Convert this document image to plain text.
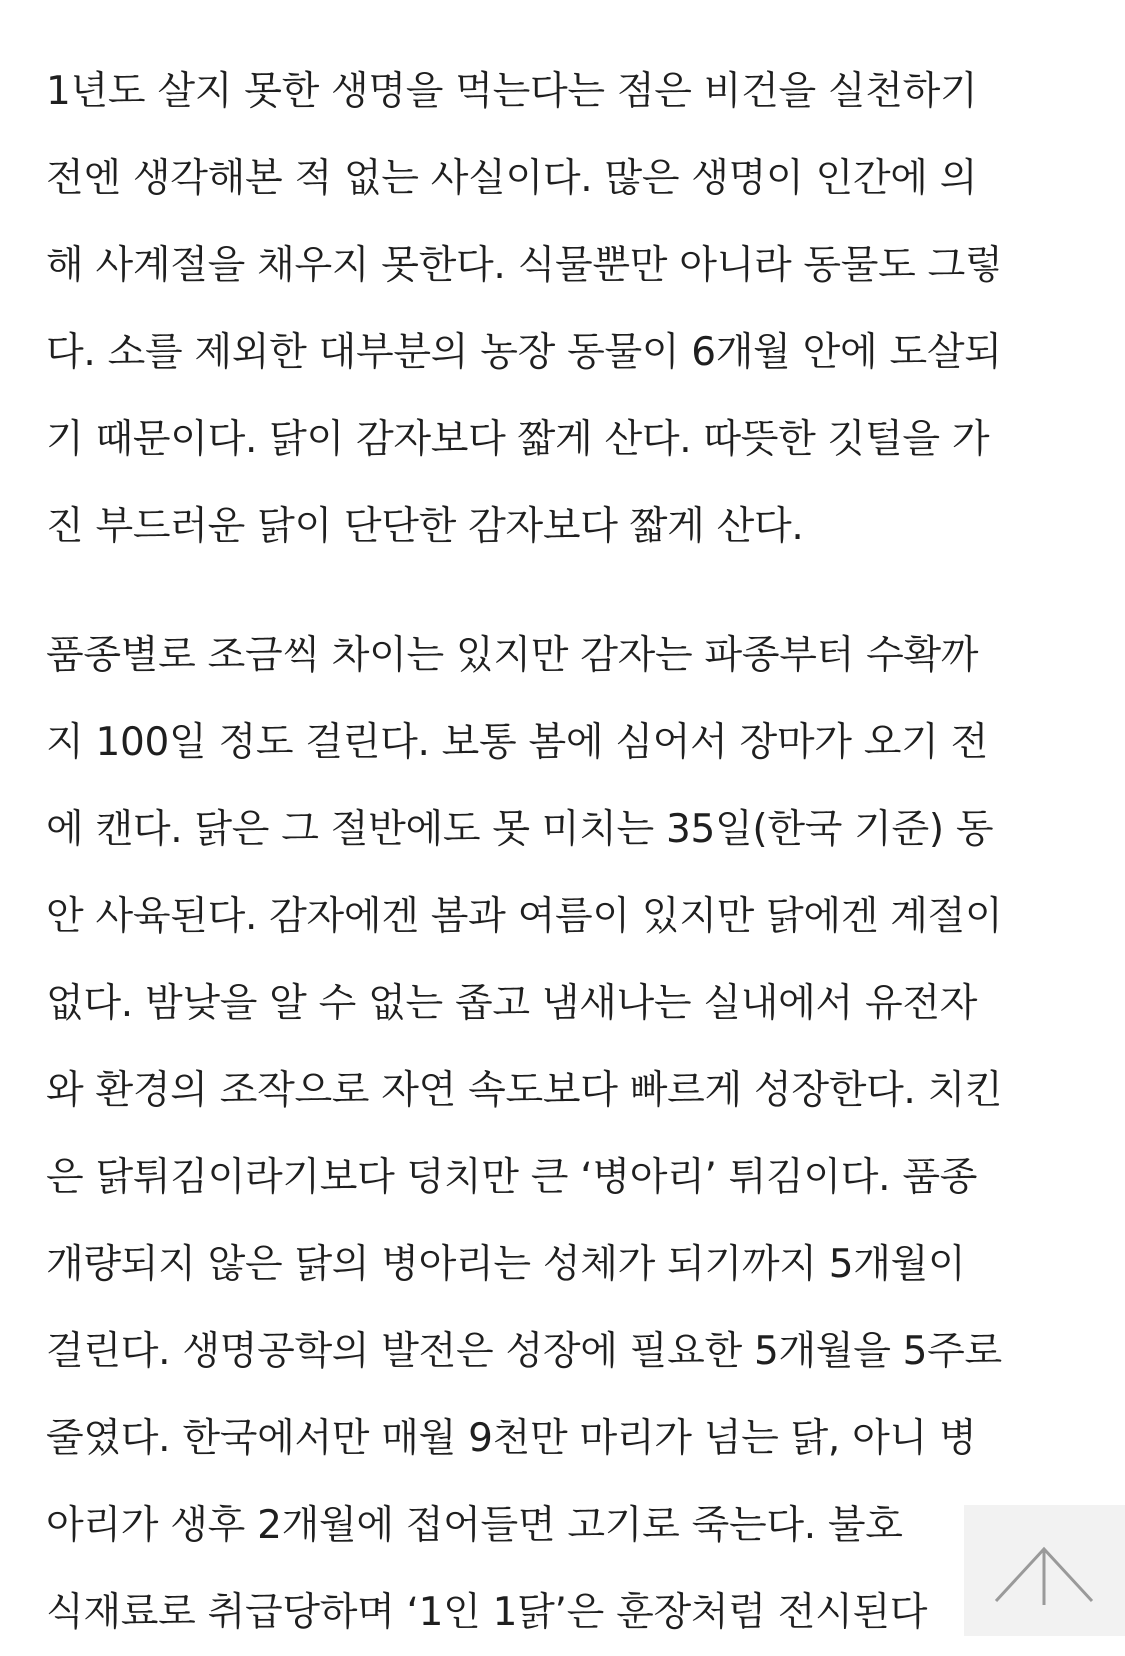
1년도 살지 못한 생명을 먹는다는 점은 비건을 실천하기
전엔 생각해본 적 없는 사실이다. 많은 생명이 인간에 의
해 사계절을 채우지 못한다. 식물뿐만 아니라 동물도 그렇
다. 소를 제외한 대부분의 농장 동물이 6개월 안에 도살되
기 때문이다. 닭이 감자보다 짧게 산다. 따뜻한 깃털을 가
진 부드러운 닭이 단단한 감자보다 짧게 산다.
품종별로 조금씩 차이는 있지만 감자는 파종부터 수확까
지 100일 정도 걸린다. 보통 봄에 심어서 장마가 오기 전
에 캔다. 닭은 그 절반에도 못 미치는 35일(한국 기준) 동
안 사육된다. 감자에겐 봄과 여름이 있지만 닭에겐 계절이
없다. 밤낮을 알 수 없는 좁고 냄새나는 실내에서 유전자
와 환경의 조작으로 자연 속도보다 빠르게 성장한다. 치킨
은 닭튀김이라기보다 덩치만 큰 ‘병아리’ 튀김이다. 품종
개량되지 않은 닭의 병아리는 성체가 되기까지 5개월이
걸린다. 생명공학의 발전은 성장에 필요한 5개월을 5주로
줄였다. 한국에서만 매월 9천만 마리가 넘는 닭, 아니 병
아리가 생후 2개월에 접어들면 고기로 죽는다. 불호
식재료로 취급당하며 ‘1인 1닭’은 훈장처럼 전시된다
